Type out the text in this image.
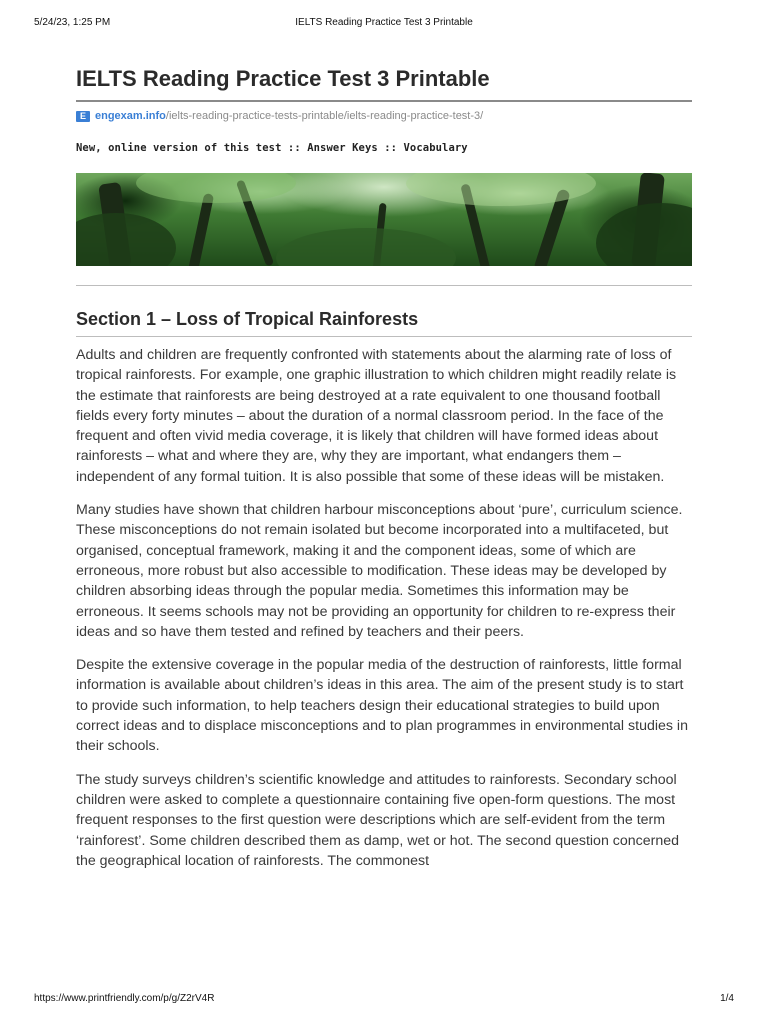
5/24/23, 1:25 PM	IELTS Reading Practice Test 3 Printable
IELTS Reading Practice Test 3 Printable
E engexam.info /ielts-reading-practice-tests-printable/ielts-reading-practice-test-3/
New, online version of this test :: Answer Keys :: Vocabulary
Section 1 – Loss of Tropical Rainforests

Adults and children are frequently confronted with statements about the alarming rate of loss of tropical rainforests. For example, one graphic illustration to which children might readily relate is the estimate that rainforests are being destroyed at a rate equivalent to one thousand football fields every forty minutes – about the duration of a normal classroom period. In the face of the frequent and often vivid media coverage, it is likely that children will have formed ideas about rainforests – what and where they are, why they are important, what endangers them – independent of any formal tuition. It is also possible that some of these ideas will be mistaken.

Many studies have shown that children harbour misconceptions about ‘pure’, curriculum science. These misconceptions do not remain isolated but become incorporated into a multifaceted, but organised, conceptual framework, making it and the component ideas, some of which are erroneous, more robust but also accessible to modification. These ideas may be developed by children absorbing ideas through the popular media. Sometimes this information may be erroneous. It seems schools may not be providing an opportunity for children to re-express their ideas and so have them tested and refined by teachers and their peers.

Despite the extensive coverage in the popular media of the destruction of rainforests, little formal information is available about children’s ideas in this area. The aim of the present study is to start to provide such information, to help teachers design their educational strategies to build upon correct ideas and to displace misconceptions and to plan programmes in environmental studies in their schools.

The study surveys children’s scientific knowledge and attitudes to rainforests. Secondary school children were asked to complete a questionnaire containing five open-form questions. The most frequent responses to the first question were descriptions which are self-evident from the term ‘rainforest’. Some children described them as damp, wet or hot. The second question concerned the geographical location of rainforests. The commonest

https://www.printfriendly.com/p/g/Z2rV4R	1/4
